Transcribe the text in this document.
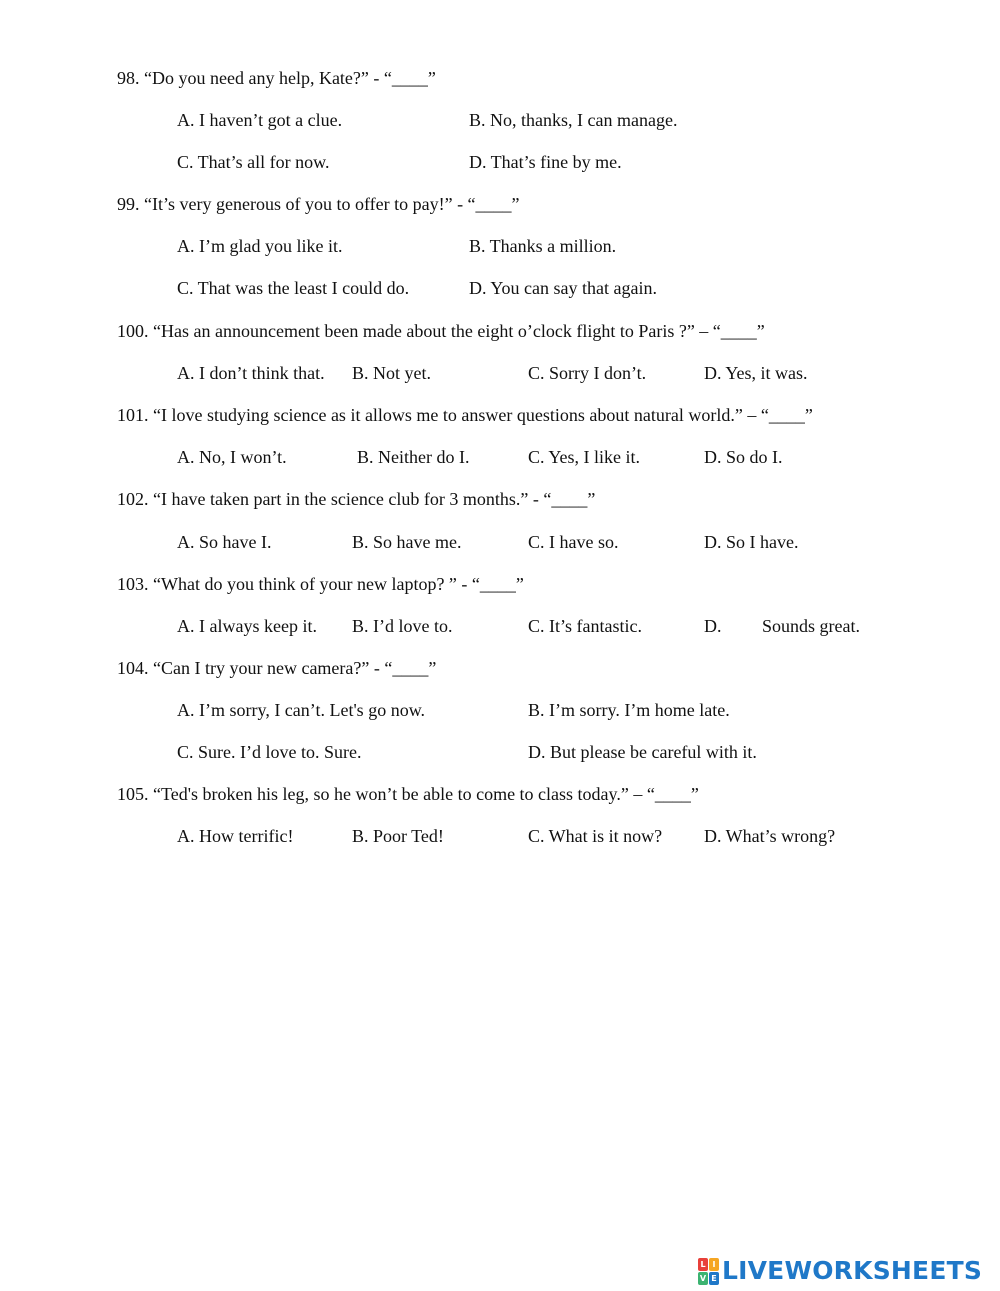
98. “Do you need any help, Kate?” - “____”
A. I haven’t got a clue.	B. No, thanks, I can manage.
C. That’s all for now.	D. That’s fine by me.
99. “It’s very generous of you to offer to pay!” - “____”
A. I’m glad you like it.	B. Thanks a million.
C. That was the least I could do.	D. You can say that again.
100. “Has an announcement been made about the eight o’clock flight to Paris ?” – “____”
A. I don’t think that. B. Not yet.	C. Sorry I don’t.	D. Yes, it was.
101. “I love studying science as it allows me to answer questions about natural world.” – “____”
A. No, I won’t.	B. Neither do I.	C. Yes, I like it.	D. So do I.
102. “I have taken part in the science club for 3 months.” - “____”
A. So have I.	B. So have me.	C. I have so.	D. So I have.
103. “What do you think of your new laptop? ” - “____”
A. I always keep it. B. I’d love to.	C. It’s fantastic.	D. Sounds great.
104. “Can I try your new camera?” - “____”
A. I’m sorry, I can’t. Let's go now.	B. I’m sorry. I’m home late.
C. Sure. I’d love to. Sure.	D. But please be careful with it.
105. “Ted's broken his leg, so he won’t be able to come to class today.” – “____”
A. How terrific!	B. Poor Ted!	C. What is it now? D. What’s wrong?
L I
V E LIVEWORKSHEETS
